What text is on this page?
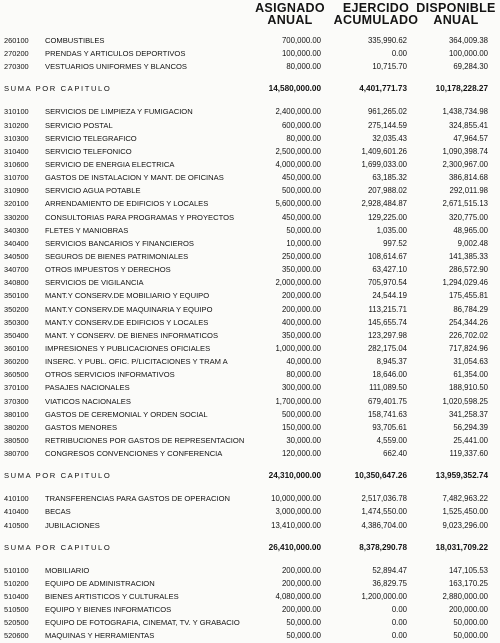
ASIGNADO
ANUAL
EJERCIDO
ACUMULADO
DISPONIBLE
ANUAL
260100	COMBUSTIBLES	700,000.00	335,990.62	364,009.38
270200	PRENDAS Y ARTICULOS DEPORTIVOS	100,000.00	0.00	100,000.00
270300	VESTUARIOS UNIFORMES Y BLANCOS	80,000.00	10,715.70	69,284.30
SUMA POR CAPITULO	14,580,000.00	4,401,771.73	10,178,228.27
310100	SERVICIOS DE LIMPIEZA Y FUMIGACION	2,400,000.00	961,265.02	1,438,734.98
310200	SERVICIO POSTAL	600,000.00	275,144.59	324,855.41
310300	SERVICIO TELEGRAFICO	80,000.00	32,035.43	47,964.57
310400	SERVICIO TELEFONICO	2,500,000.00	1,409,601.26	1,090,398.74
310600	SERVICIO DE ENERGIA ELECTRICA	4,000,000.00	1,699,033.00	2,300,967.00
310700	GASTOS DE INSTALACION Y MANT. DE OFICINAS	450,000.00	63,185.32	386,814.68
310900	SERVICIO AGUA POTABLE	500,000.00	207,988.02	292,011.98
320100	ARRENDAMIENTO DE EDIFICIOS Y LOCALES	5,600,000.00	2,928,484.87	2,671,515.13
330200	CONSULTORIAS PARA PROGRAMAS Y PROYECTOS	450,000.00	129,225.00	320,775.00
340300	FLETES Y MANIOBRAS	50,000.00	1,035.00	48,965.00
340400	SERVICIOS BANCARIOS Y FINANCIEROS	10,000.00	997.52	9,002.48
340500	SEGUROS DE BIENES PATRIMONIALES	250,000.00	108,614.67	141,385.33
340700	OTROS IMPUESTOS Y DERECHOS	350,000.00	63,427.10	286,572.90
340800	SERVICIOS DE VIGILANCIA	2,000,000.00	705,970.54	1,294,029.46
350100	MANT.Y CONSERV.DE MOBILIARIO Y EQUIPO	200,000.00	24,544.19	175,455.81
350200	MANT.Y CONSERV.DE MAQUINARIA Y EQUIPO	200,000.00	113,215.71	86,784.29
350300	MANT.Y CONSERV.DE EDIFICIOS Y LOCALES	400,000.00	145,655.74	254,344.26
350400	MANT. Y CONSERV. DE BIENES INFORMATICOS	350,000.00	123,297.98	226,702.02
360100	IMPRESIONES Y PUBLICACIONES OFICIALES	1,000,000.00	282,175.04	717,824.96
360200	INSERC. Y PUBL. OFIC. P/LICITACIONES Y TRAM A	40,000.00	8,945.37	31,054.63
360500	OTROS SERVICIOS INFORMATIVOS	80,000.00	18,646.00	61,354.00
370100	PASAJES NACIONALES	300,000.00	111,089.50	188,910.50
370300	VIATICOS NACIONALES	1,700,000.00	679,401.75	1,020,598.25
380100	GASTOS DE CEREMONIAL Y ORDEN SOCIAL	500,000.00	158,741.63	341,258.37
380200	GASTOS MENORES	150,000.00	93,705.61	56,294.39
380500	RETRIBUCIONES POR GASTOS DE REPRESENTACION	30,000.00	4,559.00	25,441.00
380700	CONGRESOS CONVENCIONES Y CONFERENCIA	120,000.00	662.40	119,337.60
SUMA POR CAPITULO	24,310,000.00	10,350,647.26	13,959,352.74
410100	TRANSFERENCIAS PARA GASTOS DE OPERACION	10,000,000.00	2,517,036.78	7,482,963.22
410400	BECAS	3,000,000.00	1,474,550.00	1,525,450.00
410500	JUBILACIONES	13,410,000.00	4,386,704.00	9,023,296.00
SUMA POR CAPITULO	26,410,000.00	8,378,290.78	18,031,709.22
510100	MOBILIARIO	200,000.00	52,894.47	147,105.53
510200	EQUIPO DE ADMINISTRACION	200,000.00	36,829.75	163,170.25
510400	BIENES ARTISTICOS Y CULTURALES	4,080,000.00	1,200,000.00	2,880,000.00
510500	EQUIPO Y BIENES INFORMATICOS	200,000.00	0.00	200,000.00
520500	EQUIPO DE FOTOGRAFIA, CINEMAT, TV. Y GRABACIO	50,000.00	0.00	50,000.00
520600	MAQUINAS Y HERRAMIENTAS	50,000.00	0.00	50,000.00
